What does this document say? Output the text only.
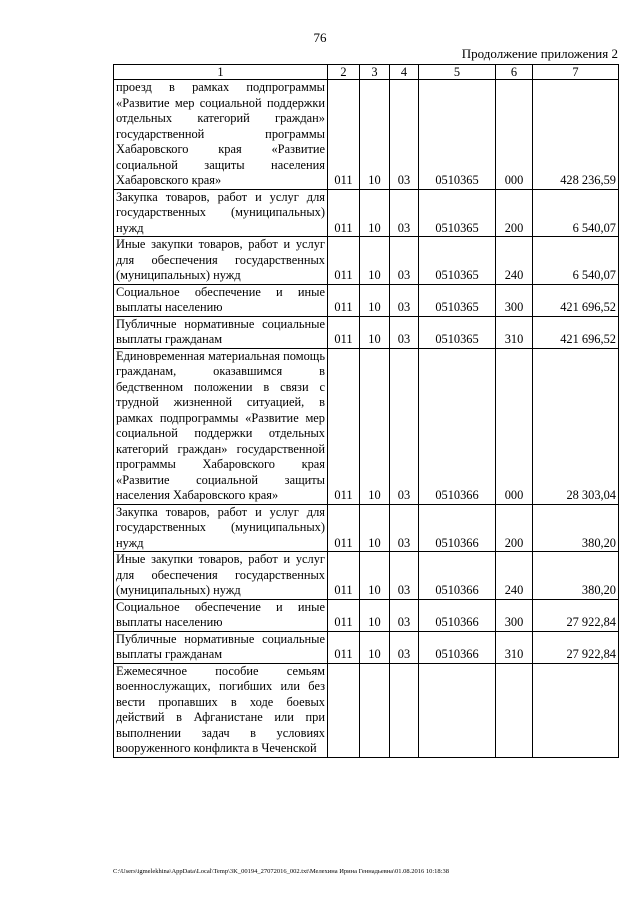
76
Продолжение приложения 2
1	2	3	4	5	6	7
проезд в рамках подпрограммы «Развитие мер социальной поддержки отдельных категорий граждан» государственной программы Хабаровского края «Развитие социальной защиты населения Хабаровского края»	011	10	03	0510365	000	428 236,59
Закупка товаров, работ и услуг для государственных (муниципальных) нужд	011	10	03	0510365	200	6 540,07
Иные закупки товаров, работ и услуг для обеспечения государственных (муниципальных) нужд	011	10	03	0510365	240	6 540,07
Социальное обеспечение и иные выплаты населению	011	10	03	0510365	300	421 696,52
Публичные нормативные социальные выплаты гражданам	011	10	03	0510365	310	421 696,52
Единовременная материальная помощь гражданам, оказавшимся в бедственном положении в связи с трудной жизненной ситуацией, в рамках подпрограммы «Развитие мер социальной поддержки отдельных категорий граждан» государственной программы Хабаровского края «Развитие социальной защиты населения Хабаровского края»	011	10	03	0510366	000	28 303,04
Закупка товаров, работ и услуг для государственных (муниципальных) нужд	011	10	03	0510366	200	380,20
Иные закупки товаров, работ и услуг для обеспечения государственных (муниципальных) нужд	011	10	03	0510366	240	380,20
Социальное обеспечение и иные выплаты населению	011	10	03	0510366	300	27 922,84
Публичные нормативные социальные выплаты гражданам	011	10	03	0510366	310	27 922,84
Ежемесячное пособие семьям военнослужащих, погибших или без вести пропавших в ходе боевых действий в Афганистане или при выполнении задач в условиях вооруженного конфликта в Чеченской						
C:\Users\igmelekhina\AppData\Local\Temp\3K_00194_27072016_002.txt\Мелехина Ирина Геннадьевна\01.08.2016 10:18:38
